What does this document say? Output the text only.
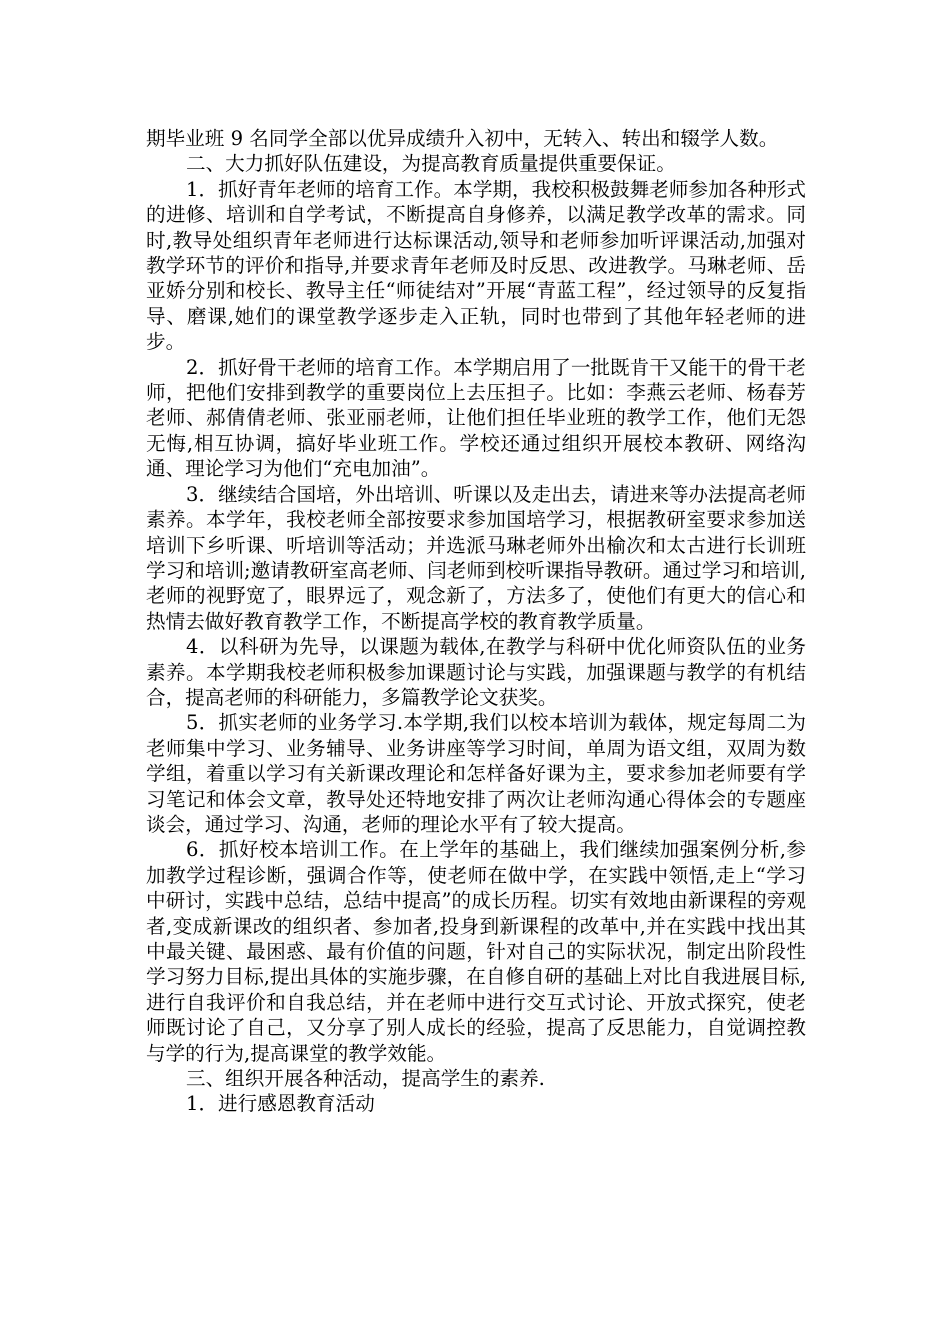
期毕业班 9 名同学全部以优异成绩升入初中，无转入、转出和辍学人数。

二、大力抓好队伍建设，为提高教育质量提供重要保证。

1．抓好青年老师的培育工作。本学期，我校积极鼓舞老师参加各种形式的进修、培训和自学考试，不断提高自身修养，以满足教学改革的需求。同时,教导处组织青年老师进行达标课活动,领导和老师参加听评课活动,加强对教学环节的评价和指导,并要求青年老师及时反思、改进教学。马琳老师、岳亚娇分别和校长、教导主任“师徒结对”开展“青蓝工程”，经过领导的反复指导、磨课,她们的课堂教学逐步走入正轨，同时也带到了其他年轻老师的进步。

2．抓好骨干老师的培育工作。本学期启用了一批既肯干又能干的骨干老师，把他们安排到教学的重要岗位上去压担子。比如：李燕云老师、杨春芳老师、郝倩倩老师、张亚丽老师，让他们担任毕业班的教学工作，他们无怨无悔,相互协调，搞好毕业班工作。学校还通过组织开展校本教研、网络沟通、理论学习为他们“充电加油”。

3．继续结合国培，外出培训、听课以及走出去，请进来等办法提高老师素养。本学年，我校老师全部按要求参加国培学习，根据教研室要求参加送培训下乡听课、听培训等活动；并选派马琳老师外出榆次和太古进行长训班学习和培训;邀请教研室高老师、闫老师到校听课指导教研。通过学习和培训,老师的视野宽了，眼界远了，观念新了，方法多了，使他们有更大的信心和热情去做好教育教学工作，不断提高学校的教育教学质量。

4．以科研为先导，以课题为载体,在教学与科研中优化师资队伍的业务素养。本学期我校老师积极参加课题讨论与实践，加强课题与教学的有机结合，提高老师的科研能力，多篇教学论文获奖。

5．抓实老师的业务学习.本学期,我们以校本培训为载体，规定每周二为老师集中学习、业务辅导、业务讲座等学习时间，单周为语文组，双周为数学组，着重以学习有关新课改理论和怎样备好课为主，要求参加老师要有学习笔记和体会文章，教导处还特地安排了两次让老师沟通心得体会的专题座谈会，通过学习、沟通，老师的理论水平有了较大提高。

6．抓好校本培训工作。在上学年的基础上，我们继续加强案例分析,参加教学过程诊断，强调合作等，使老师在做中学，在实践中领悟,走上“学习中研讨，实践中总结，总结中提高”的成长历程。切实有效地由新课程的旁观者,变成新课改的组织者、参加者,投身到新课程的改革中,并在实践中找出其中最关键、最困惑、最有价值的问题，针对自己的实际状况，制定出阶段性学习努力目标,提出具体的实施步骤，在自修自研的基础上对比自我进展目标,进行自我评价和自我总结，并在老师中进行交互式讨论、开放式探究，使老师既讨论了自己，又分享了别人成长的经验，提高了反思能力，自觉调控教与学的行为,提高课堂的教学效能。

三、组织开展各种活动，提高学生的素养.

1．进行感恩教育活动
